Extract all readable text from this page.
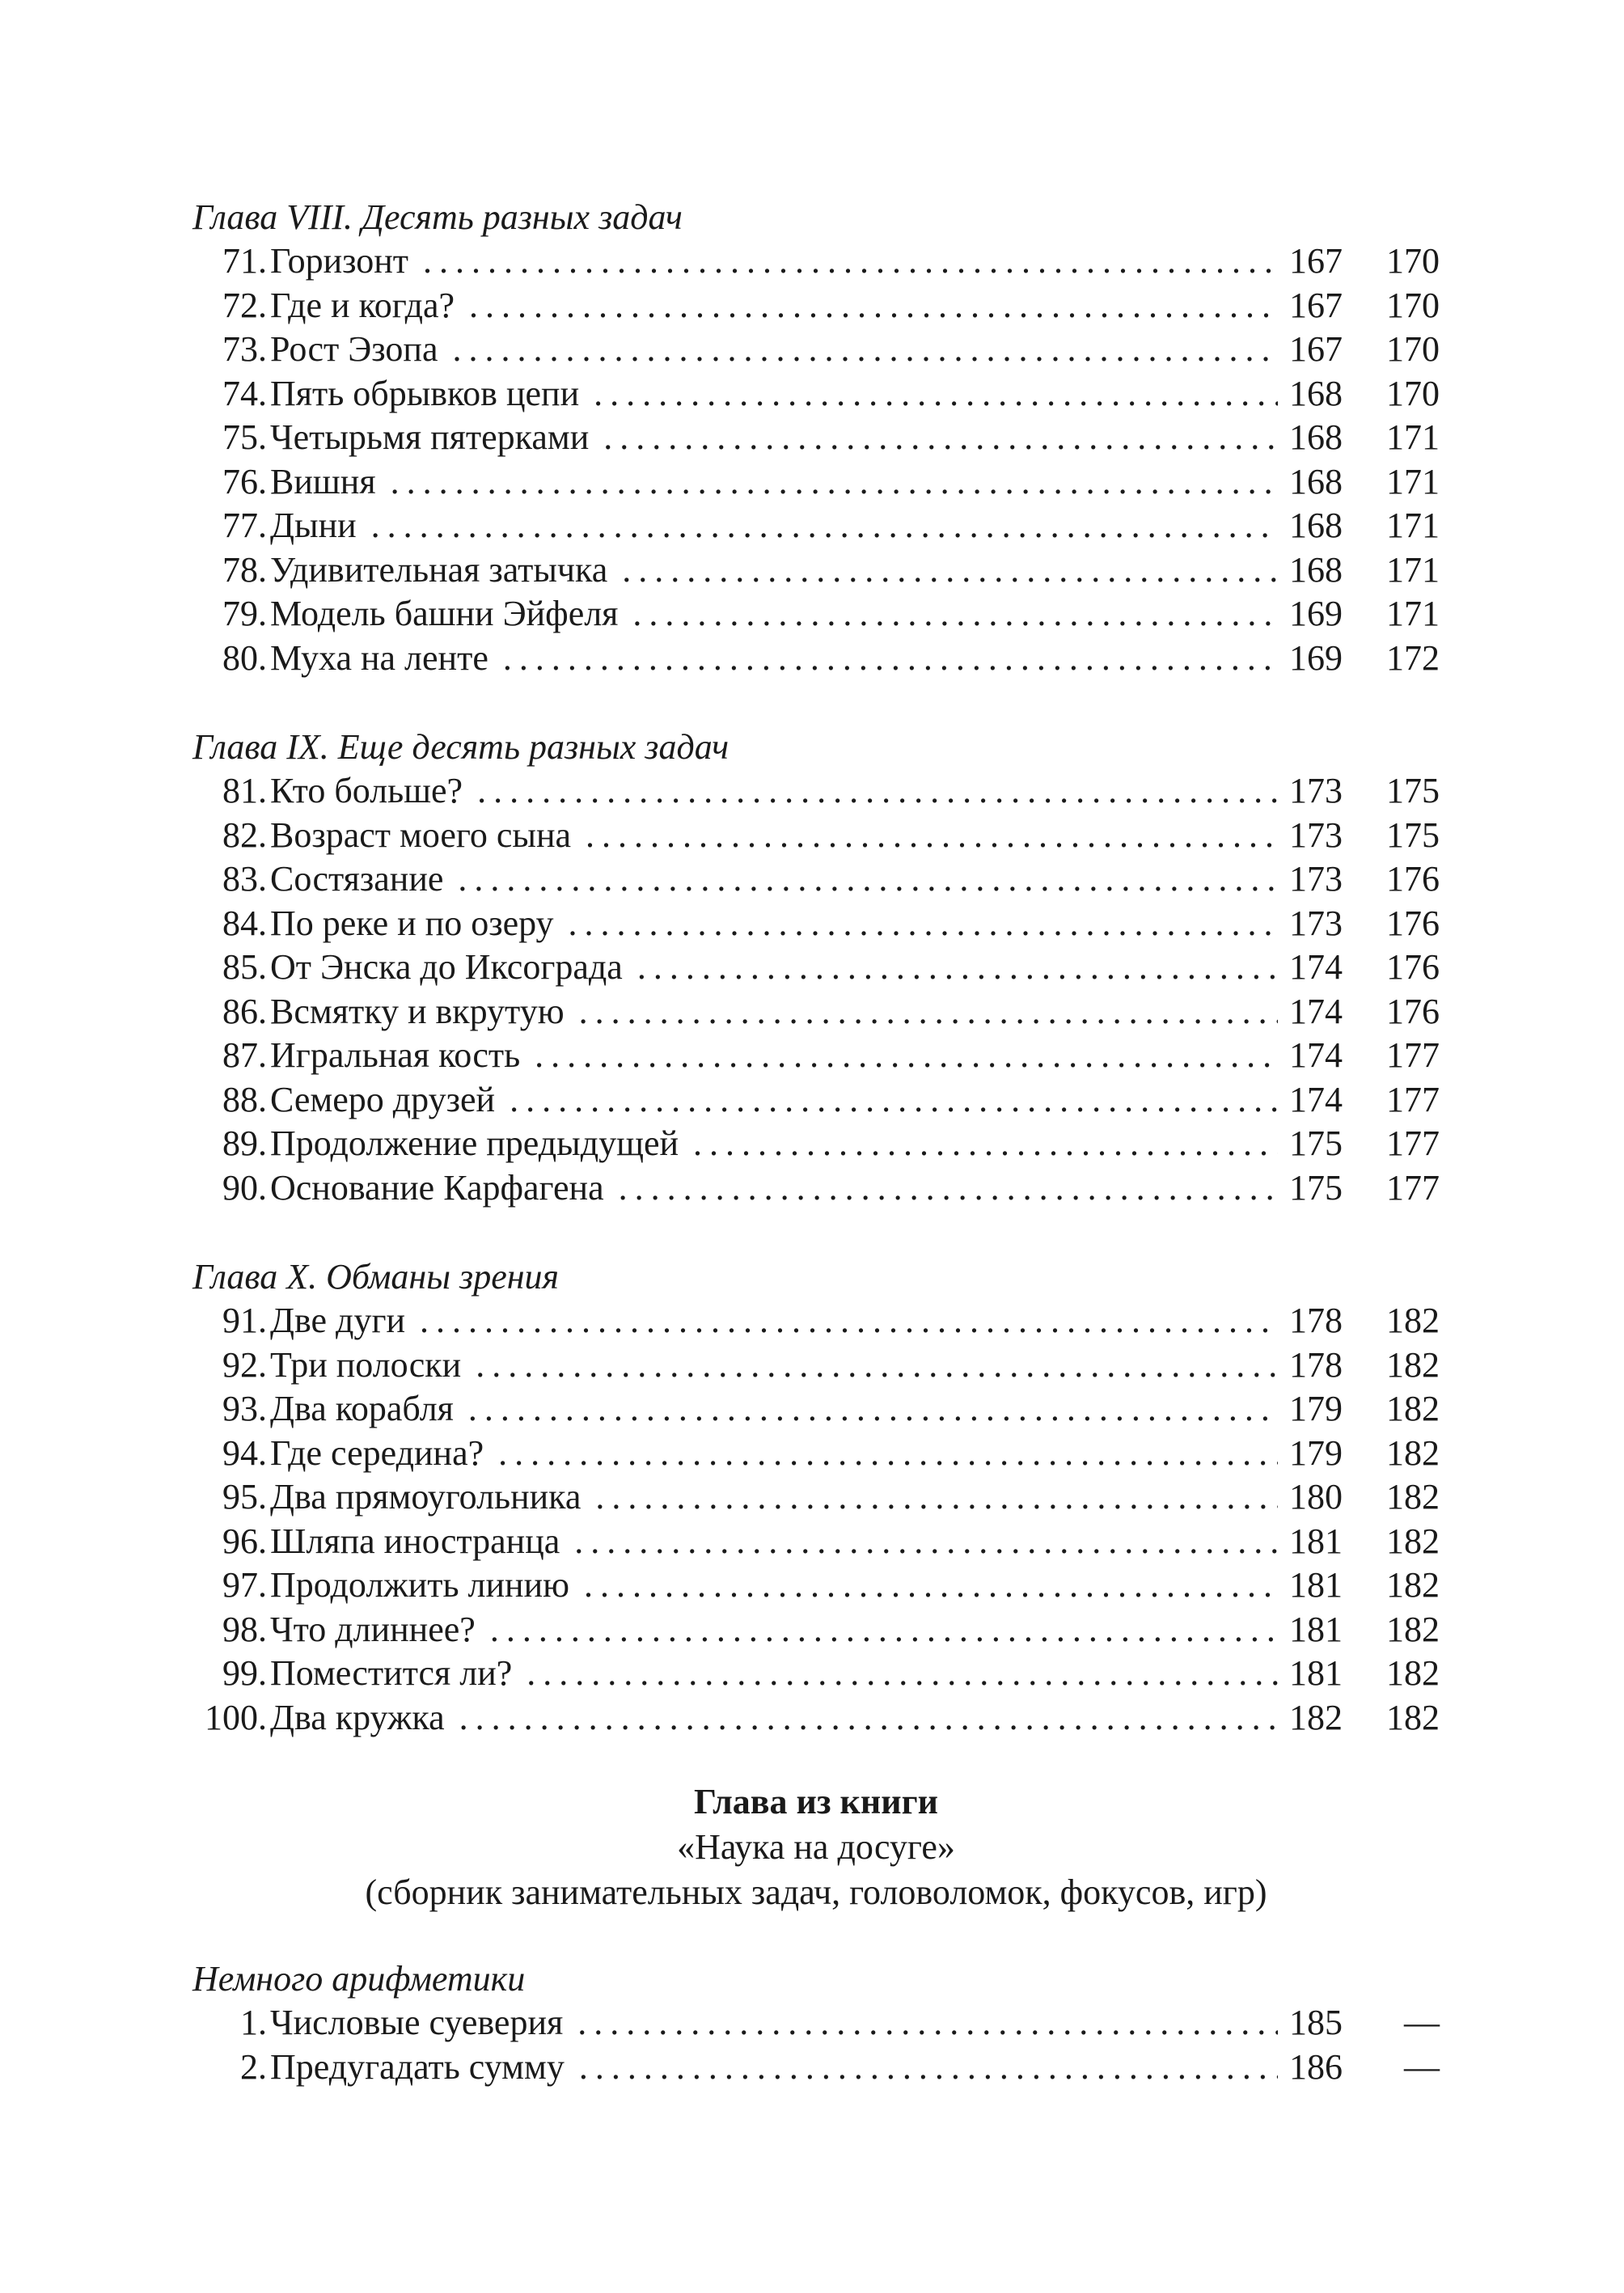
Глава VIII. Десять разных задач
71. Горизонт . . .	167	170
72. Где и когда? . . .	167	170
73. Рост Эзопа . . .	167	170
74. Пять обрывков цепи . . .	168	170
75. Четырьмя пятерками . . .	168	171
76. Вишня . . .	168	171
77. Дыни . . .	168	171
78. Удивительная затычка . . .	168	171
79. Модель башни Эйфеля . . .	169	171
80. Муха на ленте . . .	169	172
Глава IX. Еще десять разных задач
81. Кто больше? . . .	173	175
82. Возраст моего сына . . .	173	175
83. Состязание . . .	173	176
84. По реке и по озеру . . .	173	176
85. От Энска до Иксограда . . .	174	176
86. Всмятку и вкрутую . . .	174	176
87. Игральная кость . . .	174	177
88. Семеро друзей . . .	174	177
89. Продолжение предыдущей . . .	175	177
90. Основание Карфагена . . .	175	177
Глава X. Обманы зрения
91. Две дуги . . .	178	182
92. Три полоски . . .	178	182
93. Два корабля . . .	179	182
94. Где середина? . . .	179	182
95. Два прямоугольника . . .	180	182
96. Шляпа иностранца . . .	181	182
97. Продолжить линию . . .	181	182
98. Что длиннее? . . .	181	182
99. Поместится ли? . . .	181	182
100. Два кружка . . .	182	182
Глава из книги
«Наука на досуге»
(сборник занимательных задач, головоломок, фокусов, игр)
Немного арифметики
1. Числовые суеверия . . .	185	—
2. Предугадать сумму . . .	186	—
